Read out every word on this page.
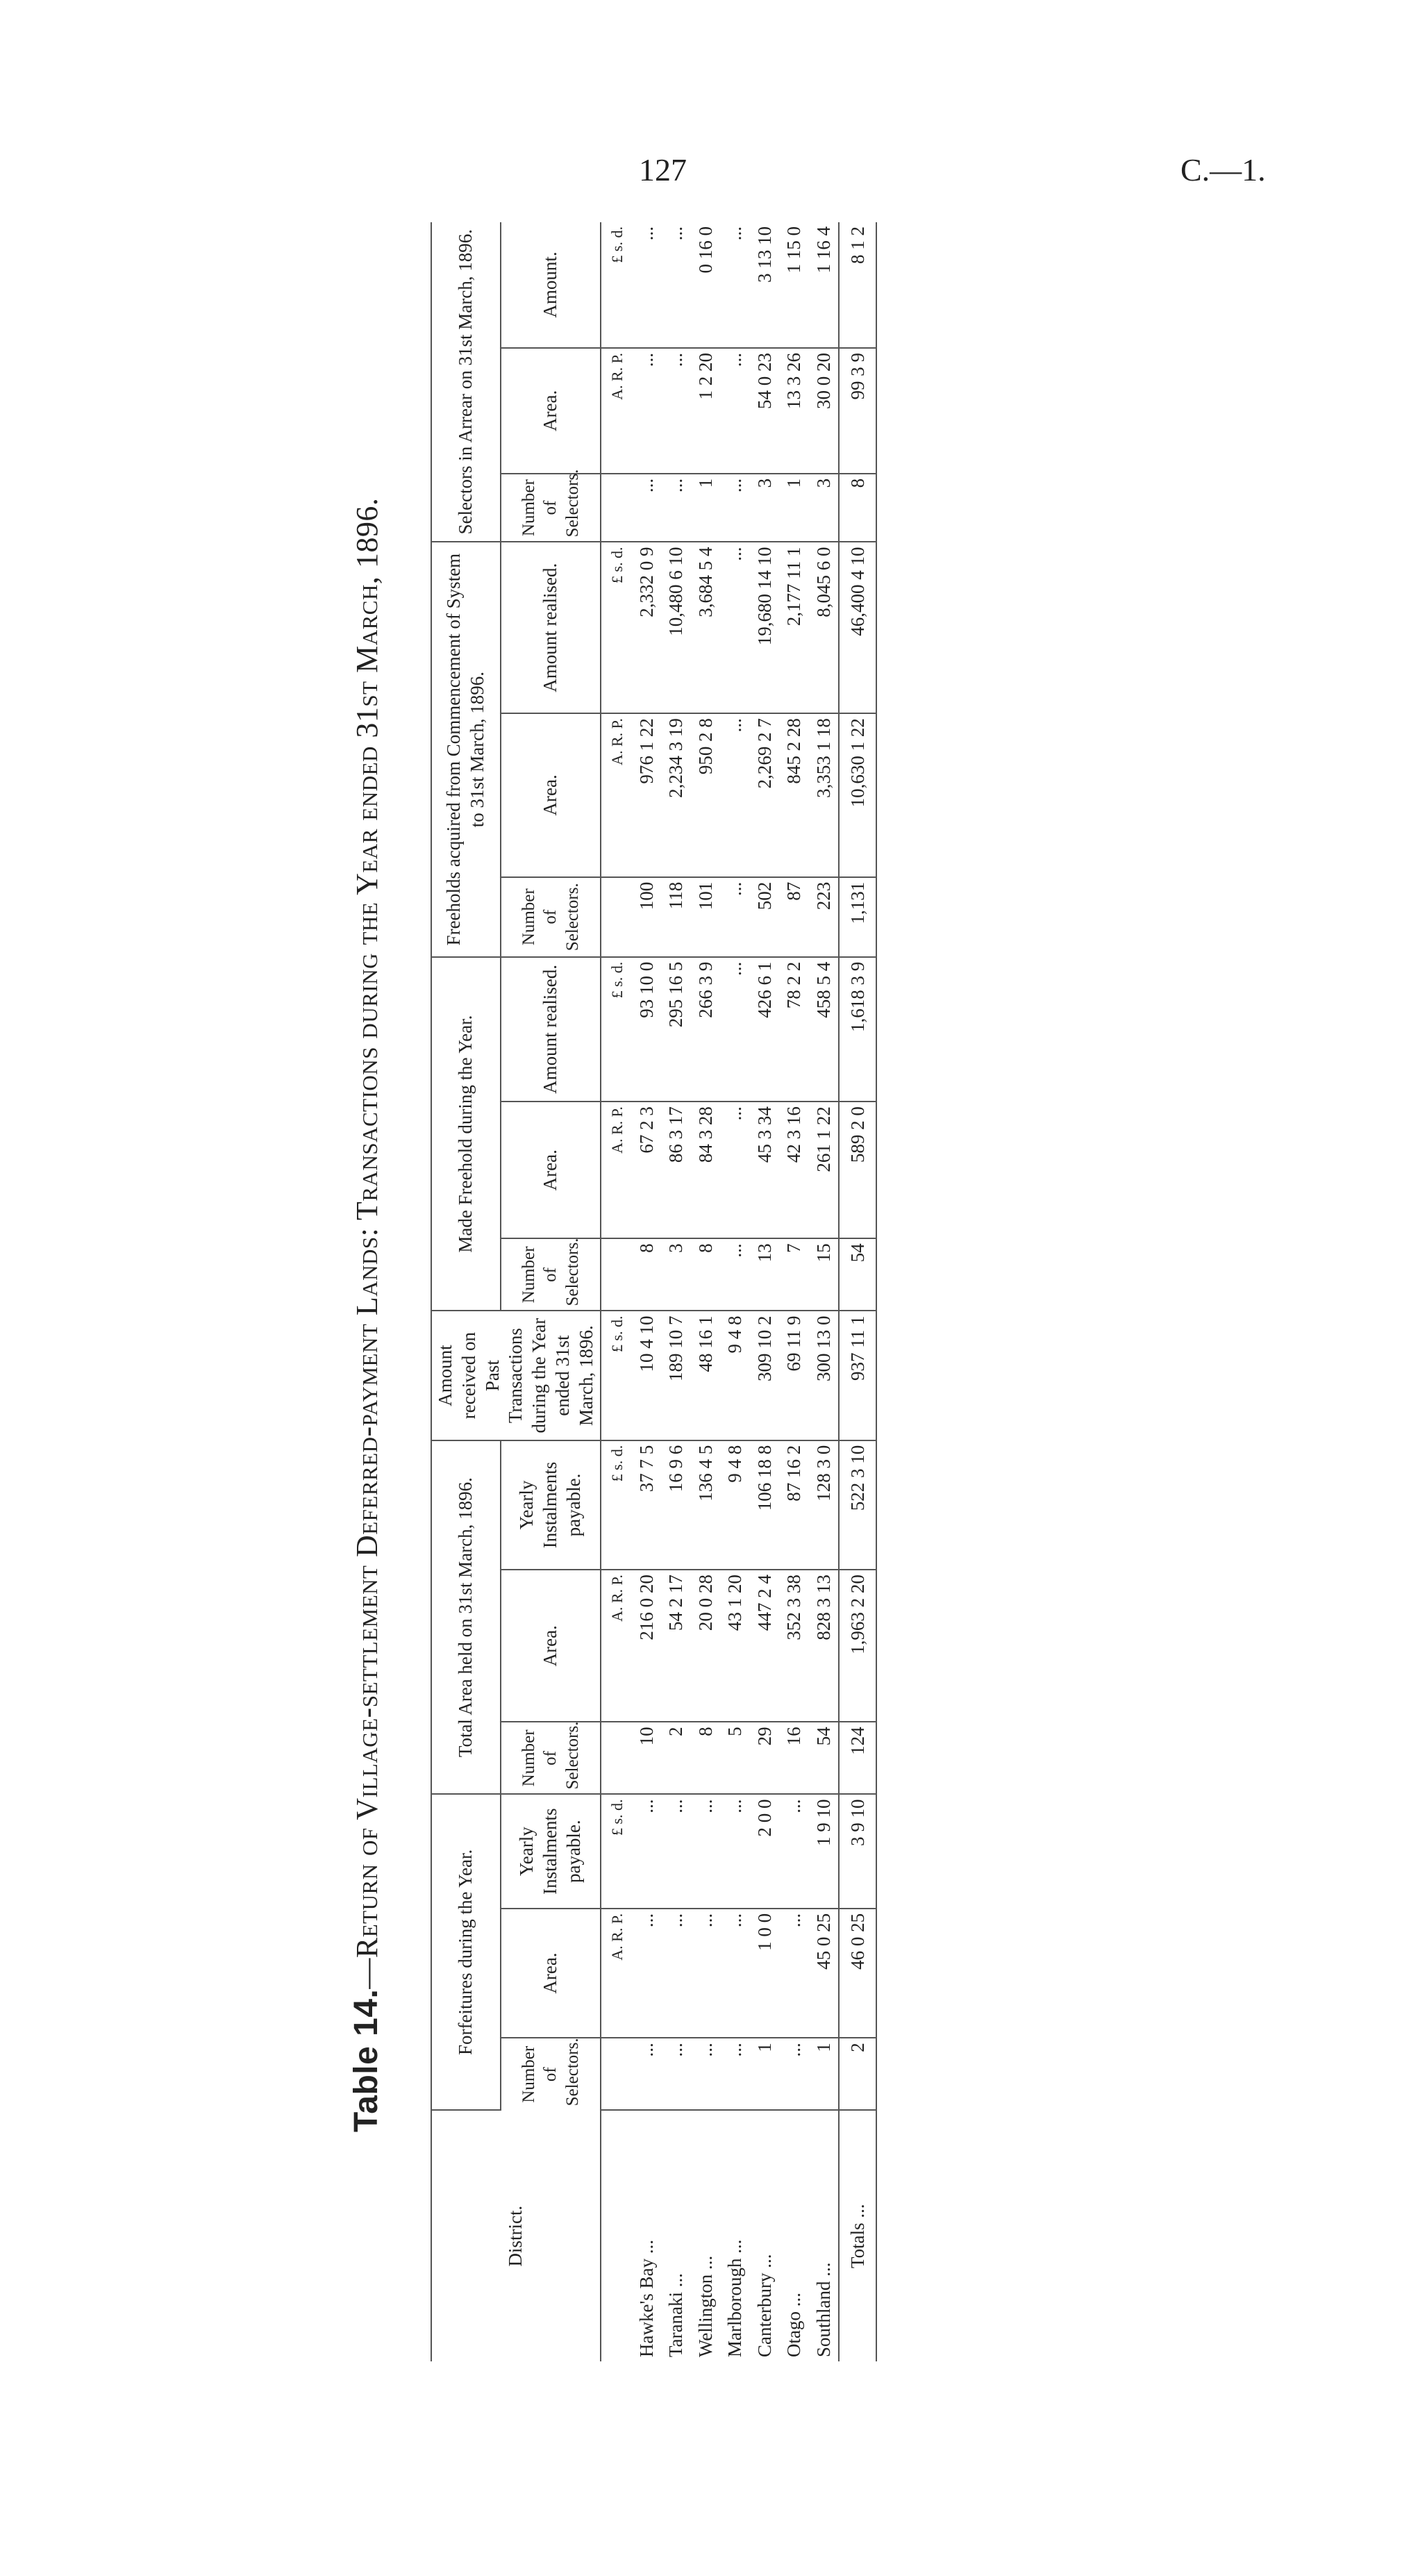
127	C.—1.
Table 14.—Return of Village-settlement Deferred-payment Lands: Transactions during the Year ended 31st March, 1896.
District.	Forfeitures during the Year.			Total Area held on 31st March, 1896.			Amount received on Past Transactions during the Year ended 31st March, 1896.	Made Freehold during the Year.			Freeholds acquired from Commencement of System to 31st March, 1896.			Selectors in Arrear on 31st March, 1896.		
	Number of Selectors.	Area.	Yearly Instalments payable.	Number of Selectors.	Area.	Yearly Instalments payable.		Number of Selectors.	Area.	Amount realised.	Number of Selectors.	Area.	Amount realised.	Number of Selectors.	Area.	Amount.
		A. R. P.	£ s. d.		A. R. P.	£ s. d.	£ s. d.		A. R. P.	£ s. d.		A. R. P.	£ s. d.		A. R. P.	£ s. d.
Hawke's Bay ...	...	...	...	10	216 0 20	37 7 5	10 4 10	8	67 2 3	93 10 0	100	976 1 22	2,332 0 9	...	...	...
Taranaki ...	...	...	...	2	54 2 17	16 9 6	189 10 7	3	86 3 17	295 16 5	118	2,234 3 19	10,480 6 10	...	...	...
Wellington ...	...	...	...	8	20 0 28	136 4 5	48 16 1	8	84 3 28	266 3 9	101	950 2 8	3,684 5 4	1	1 2 20	0 16 0
Marlborough ...	...	...	...	5	43 1 20	9 4 8	9 4 8	...	...	...	...	...	...	...	...	...
Canterbury ...	1	1 0 0	2 0 0	29	447 2 4	106 18 8	309 10 2	13	45 3 34	426 6 1	502	2,269 2 7	19,680 14 10	3	54 0 23	3 13 10
Otago ...	...	...	...	16	352 3 38	87 16 2	69 11 9	7	42 3 16	78 2 2	87	845 2 28	2,177 11 1	1	13 3 26	1 15 0
Southland ...	1	45 0 25	1 9 10	54	828 3 13	128 3 0	300 13 0	15	261 1 22	458 5 4	223	3,353 1 18	8,045 6 0	3	30 0 20	1 16 4
Totals ...	2	46 0 25	3 9 10	124	1,963 2 20	522 3 10	937 11 1	54	589 2 0	1,618 3 9	1,131	10,630 1 22	46,400 4 10	8	99 3 9	8 1 2
